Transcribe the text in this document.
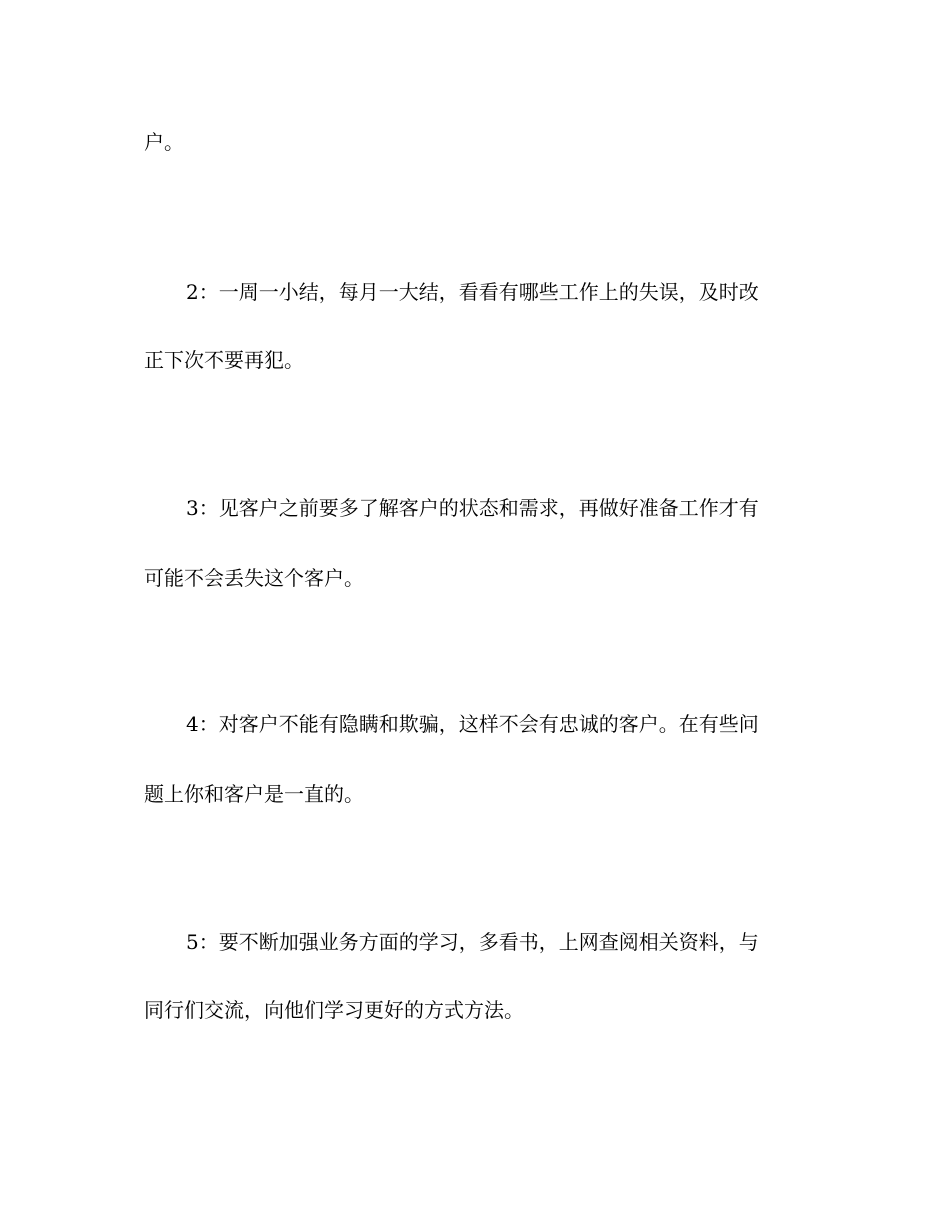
户。
2：一周一小结，每月一大结，看看有哪些工作上的失误，及时改
正下次不要再犯。
3：见客户之前要多了解客户的状态和需求，再做好准备工作才有
可能不会丢失这个客户。
4：对客户不能有隐瞒和欺骗，这样不会有忠诚的客户。在有些问
题上你和客户是一直的。
5：要不断加强业务方面的学习，多看书，上网查阅相关资料，与
同行们交流，向他们学习更好的方式方法。
